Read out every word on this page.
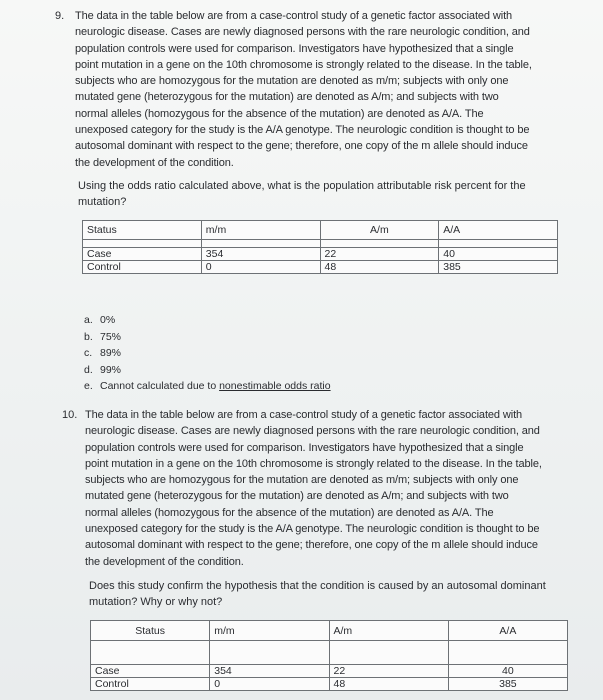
9. The data in the table below are from a case-control study of a genetic factor associated with

neurologic disease. Cases are newly diagnosed persons with the rare neurologic condition, and

population controls were used for comparison. Investigators have hypothesized that a single

point mutation in a gene on the 10th chromosome is strongly related to the disease. In the table,

subjects who are homozygous for the mutation are denoted as m/m; subjects with only one

mutated gene (heterozygous for the mutation) are denoted as A/m; and subjects with two

normal alleles (homozygous for the absence of the mutation) are denoted as A/A. The

unexposed category for the study is the A/A genotype. The neurologic condition is thought to be

autosomal dominant with respect to the gene; therefore, one copy of the m allele should induce

the development of the condition.

Using the odds ratio calculated above, what is the population attributable risk percent for the
mutation?
Status	m/m	A/m	A/A

Case	354	22	40
Control	0	48	385
a. 0%
b. 75%
c. 89%
d. 99%
e. Cannot calculated due to nonestimable odds ratio
10. The data in the table below are from a case-control study of a genetic factor associated with

neurologic disease. Cases are newly diagnosed persons with the rare neurologic condition, and

population controls were used for comparison. Investigators have hypothesized that a single

point mutation in a gene on the 10th chromosome is strongly related to the disease. In the table,

subjects who are homozygous for the mutation are denoted as m/m; subjects with only one

mutated gene (heterozygous for the mutation) are denoted as A/m; and subjects with two

normal alleles (homozygous for the absence of the mutation) are denoted as A/A. The

unexposed category for the study is the A/A genotype. The neurologic condition is thought to be

autosomal dominant with respect to the gene; therefore, one copy of the m allele should induce

the development of the condition.

Does this study confirm the hypothesis that the condition is caused by an autosomal dominant
mutation? Why or why not?
Status	m/m	A/m	A/A

Case	354	22	40
Control	0	48	385
